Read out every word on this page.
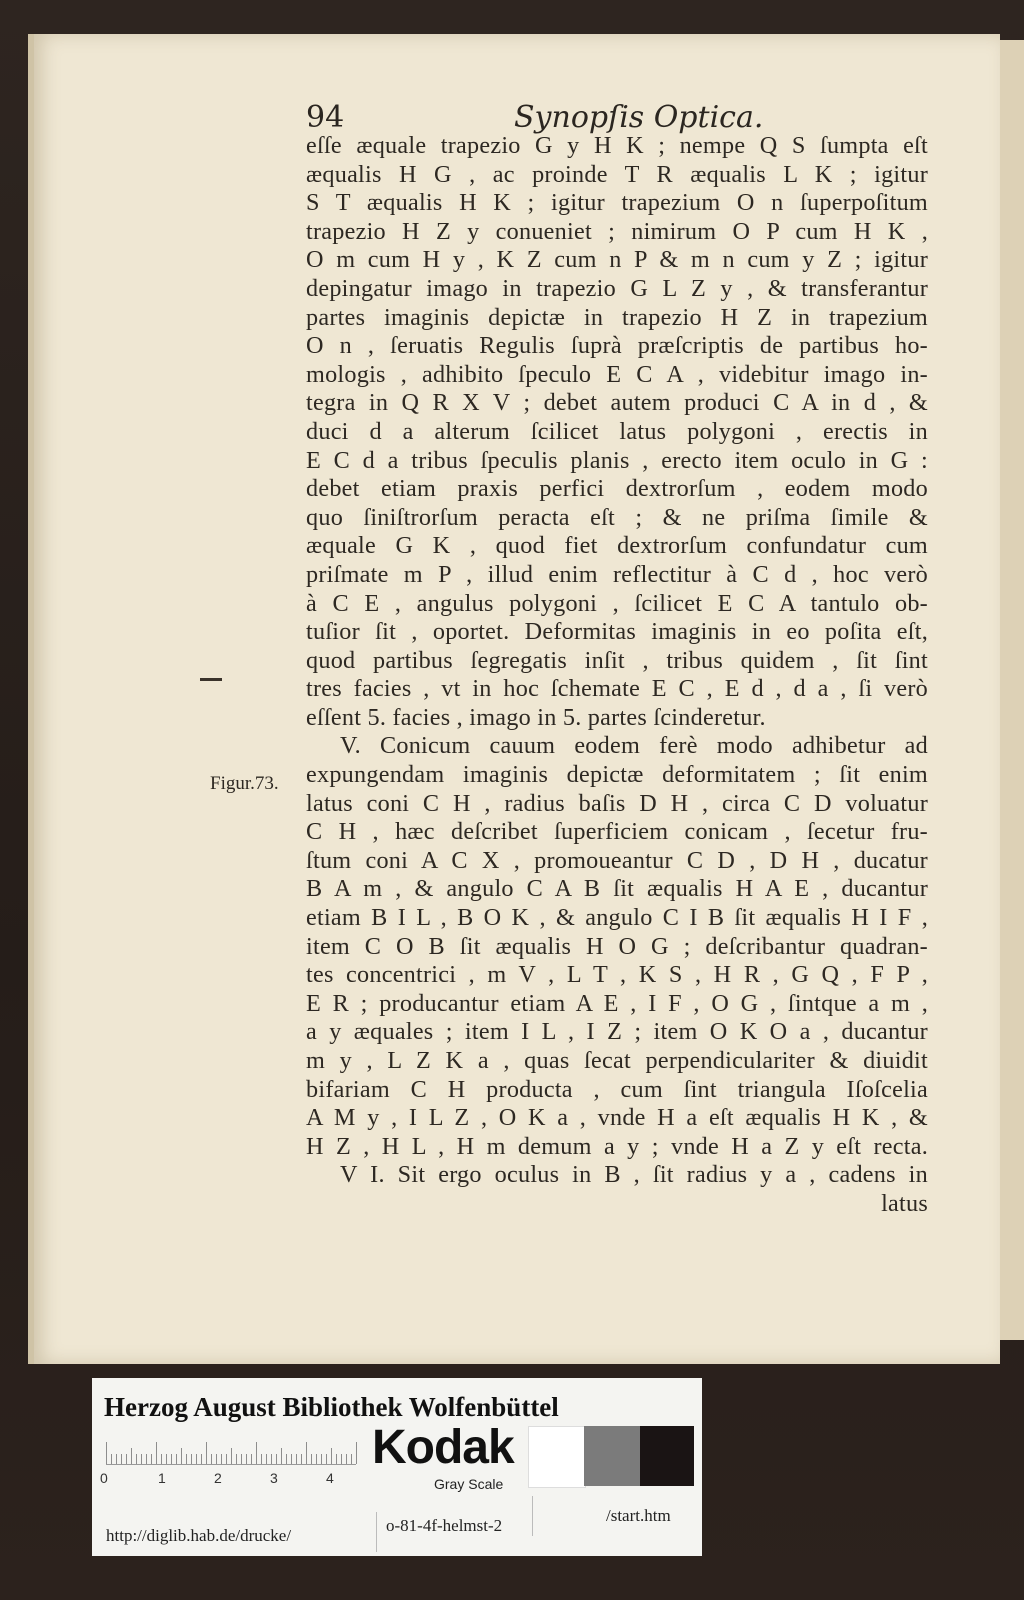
94	Synopſis Optica.
Figur.73.
eſſe æquale trapezio G y H K ; nempe Q S ſumpta eſt
æqualis H G , ac proinde T R æqualis L K ; igitur
S T æqualis H K ; igitur trapezium O n ſuperpoſitum
trapezio H Z y conueniet ; nimirum O P cum H K ,
O m cum H y , K Z cum n P & m n cum y Z ; igitur
depingatur imago in trapezio G L Z y , & transferantur
partes imaginis depictæ in trapezio H Z in trapezium
O n , ſeruatis Regulis ſuprà præſcriptis de partibus ho-
mologis , adhibito ſpeculo E C A , videbitur imago in-
tegra in Q R X V ; debet autem produci C A in d , &
duci d a alterum ſcilicet latus polygoni , erectis in
E C d a tribus ſpeculis planis , erecto item oculo in G :
debet etiam praxis perfici dextrorſum , eodem modo
quo ſiniſtrorſum peracta eſt ; & ne priſma ſimile &
æquale G K , quod fiet dextrorſum confundatur cum
priſmate m P , illud enim reflectitur à C d , hoc verò
à C E , angulus polygoni , ſcilicet E C A tantulo ob-
tuſior ſit , oportet. Deformitas imaginis in eo poſita eſt,
quod partibus ſegregatis inſit , tribus quidem , ſit ſint
tres facies , vt in hoc ſchemate E C , E d , d a , ſi verò
eſſent 5. facies , imago in 5. partes ſcinderetur.
V. Conicum cauum eodem ferè modo adhibetur ad
expungendam imaginis depictæ deformitatem ; ſit enim
latus coni C H , radius baſis D H , circa C D voluatur
C H , hæc deſcribet ſuperficiem conicam , ſecetur fru-
ſtum coni A C X , promoueantur C D , D H , ducatur
B A m , & angulo C A B ſit æqualis H A E , ducantur
etiam B I L , B O K , & angulo C I B ſit æqualis H I F ,
item C O B ſit æqualis H O G ; deſcribantur quadran-
tes concentrici , m V , L T , K S , H R , G Q , F P ,
E R ; producantur etiam A E , I F , O G , ſintque a m ,
a y æquales ; item I L , I Z ; item O K O a , ducantur
m y , L Z K a , quas ſecat perpendiculariter & diuidit
bifariam C H producta , cum ſint triangula Iſoſcelia
A M y , I L Z , O K a , vnde H a eſt æqualis H K , &
H Z , H L , H m demum a y ; vnde H a Z y eſt recta.
V I. Sit ergo oculus in B , ſit radius y a , cadens in
latus
Herzog August Bibliothek Wolfenbüttel
0	1	2	3	4
Kodak
Gray Scale
http://diglib.hab.de/drucke/
o-81-4f-helmst-2
/start.htm
